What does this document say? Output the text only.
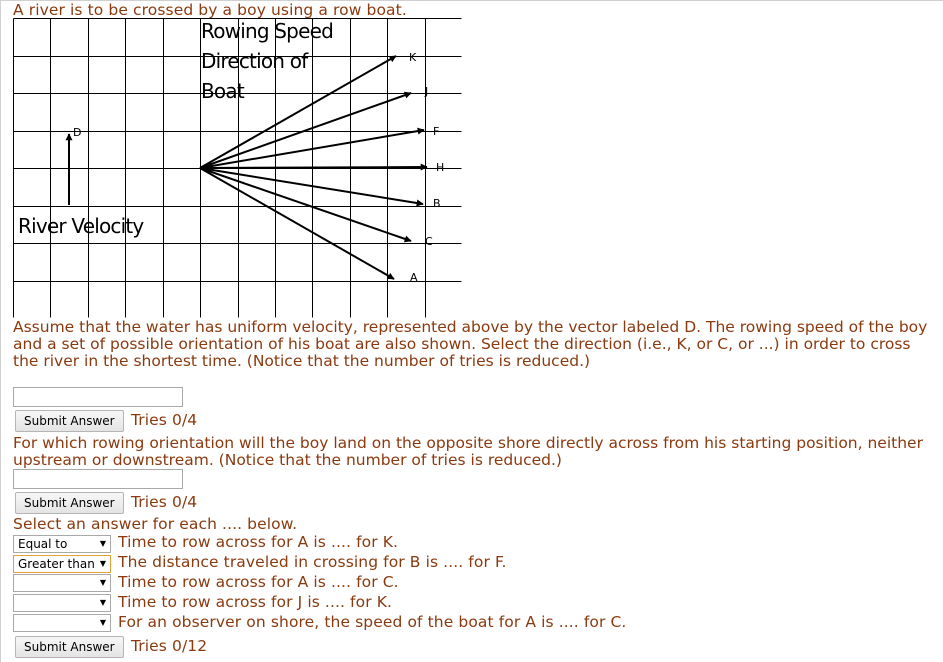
A river is to be crossed by a boy using a row boat.
K
J
F
H
B
C
A
D
Rowing Speed
Direction of
Boat
River Velocity
Assume that the water has uniform velocity, represented above by the vector labeled D. The rowing speed of the boy and a set of possible orientation of his boat are also shown. Select the direction (i.e., K, or C, or ...) in order to cross the river in the shortest time. (Notice that the number of tries is reduced.)
Submit Answer	Tries 0/4
For which rowing orientation will the boy land on the opposite shore directly across from his starting position, neither upstream or downstream. (Notice that the number of tries is reduced.)
Submit Answer	Tries 0/4
Select an answer for each .... below.
Equal to	▼ Time to row across for A is .... for K.
Greater than ▼ The distance traveled in crossing for B is .... for F.
▼ Time to row across for A is .... for C.
▼ Time to row across for J is .... for K.
▼ For an observer on shore, the speed of the boat for A is .... for C.
Submit Answer	Tries 0/12
